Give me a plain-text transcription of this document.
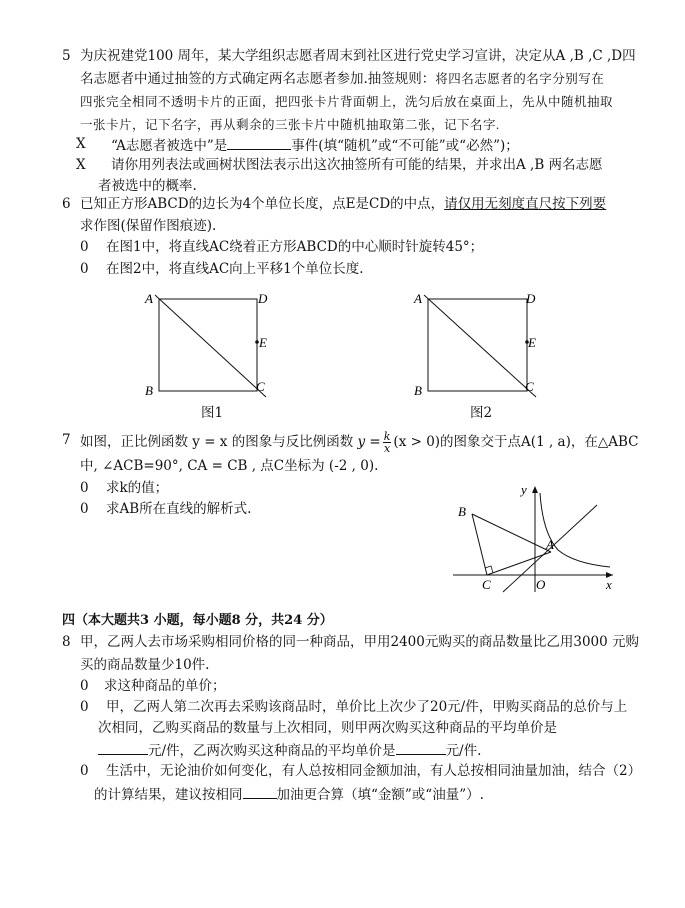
5 为庆祝建党100 周年，某大学组织志愿者周末到社区进行党史学习宣讲，决定从A ,B ,C ,D四
名志愿者中通过抽签的方式确定两名志愿者参加.抽签规则：将四名志愿者的名字分别写在
四张完全相同不透明卡片的正面，把四张卡片背面朝上，洗匀后放在桌面上，先从中随机抽取
一张卡片，记下名字，再从剩余的三张卡片中随机抽取第二张，记下名字.
X “A志愿者被选中”是	事件(填“随机”或“不可能”或“必然”)；
X 请你用列表法或画树状图法表示出这次抽签所有可能的结果，并求出A ,B 两名志愿
者被选中的概率.
6 已知正方形ABCD的边长为4个单位长度，点E是CD的中点，请仅用无刻度直尺按下列要
求作图(保留作图痕迹).
0 在图1中，将直线AC绕着正方形ABCD的中心顺时针旋转45°；
0 在图2中，将直线AC向上平移1个单位长度.
A	D
E
B	C
图1
A	D
E
B	C
图2
7 如图，正比例函数 y = x 的图象与反比例函数 $y = \frac{k}{x} (x > 0)$的图象交于点A(1 , a)，在△ABC
中, ∠ACB=90°, CA = CB , 点C坐标为 (-2 , 0).
0 求k的值；
0 求AB所在直线的解析式.
y
x
B
A
C	O
四（本大题共3 小题，每小题8 分，共24 分）
8 甲，乙两人去市场采购相同价格的同一种商品，甲用2400元购买的商品数量比乙用3000 元购
买的商品数量少10件.
0 求这种商品的单价；
0 甲，乙两人第二次再去采购该商品时，单价比上次少了20元/件，甲购买商品的总价与上
次相同，乙购买商品的数量与上次相同，则甲两次购买这种商品的平均单价是
元/件，乙两次购买这种商品的平均单价是	元/件.
0 生活中，无论油价如何变化，有人总按相同金额加油，有人总按相同油量加油，结合（2）
的计算结果，建议按相同	加油更合算（填“金额”或“油量”）.
